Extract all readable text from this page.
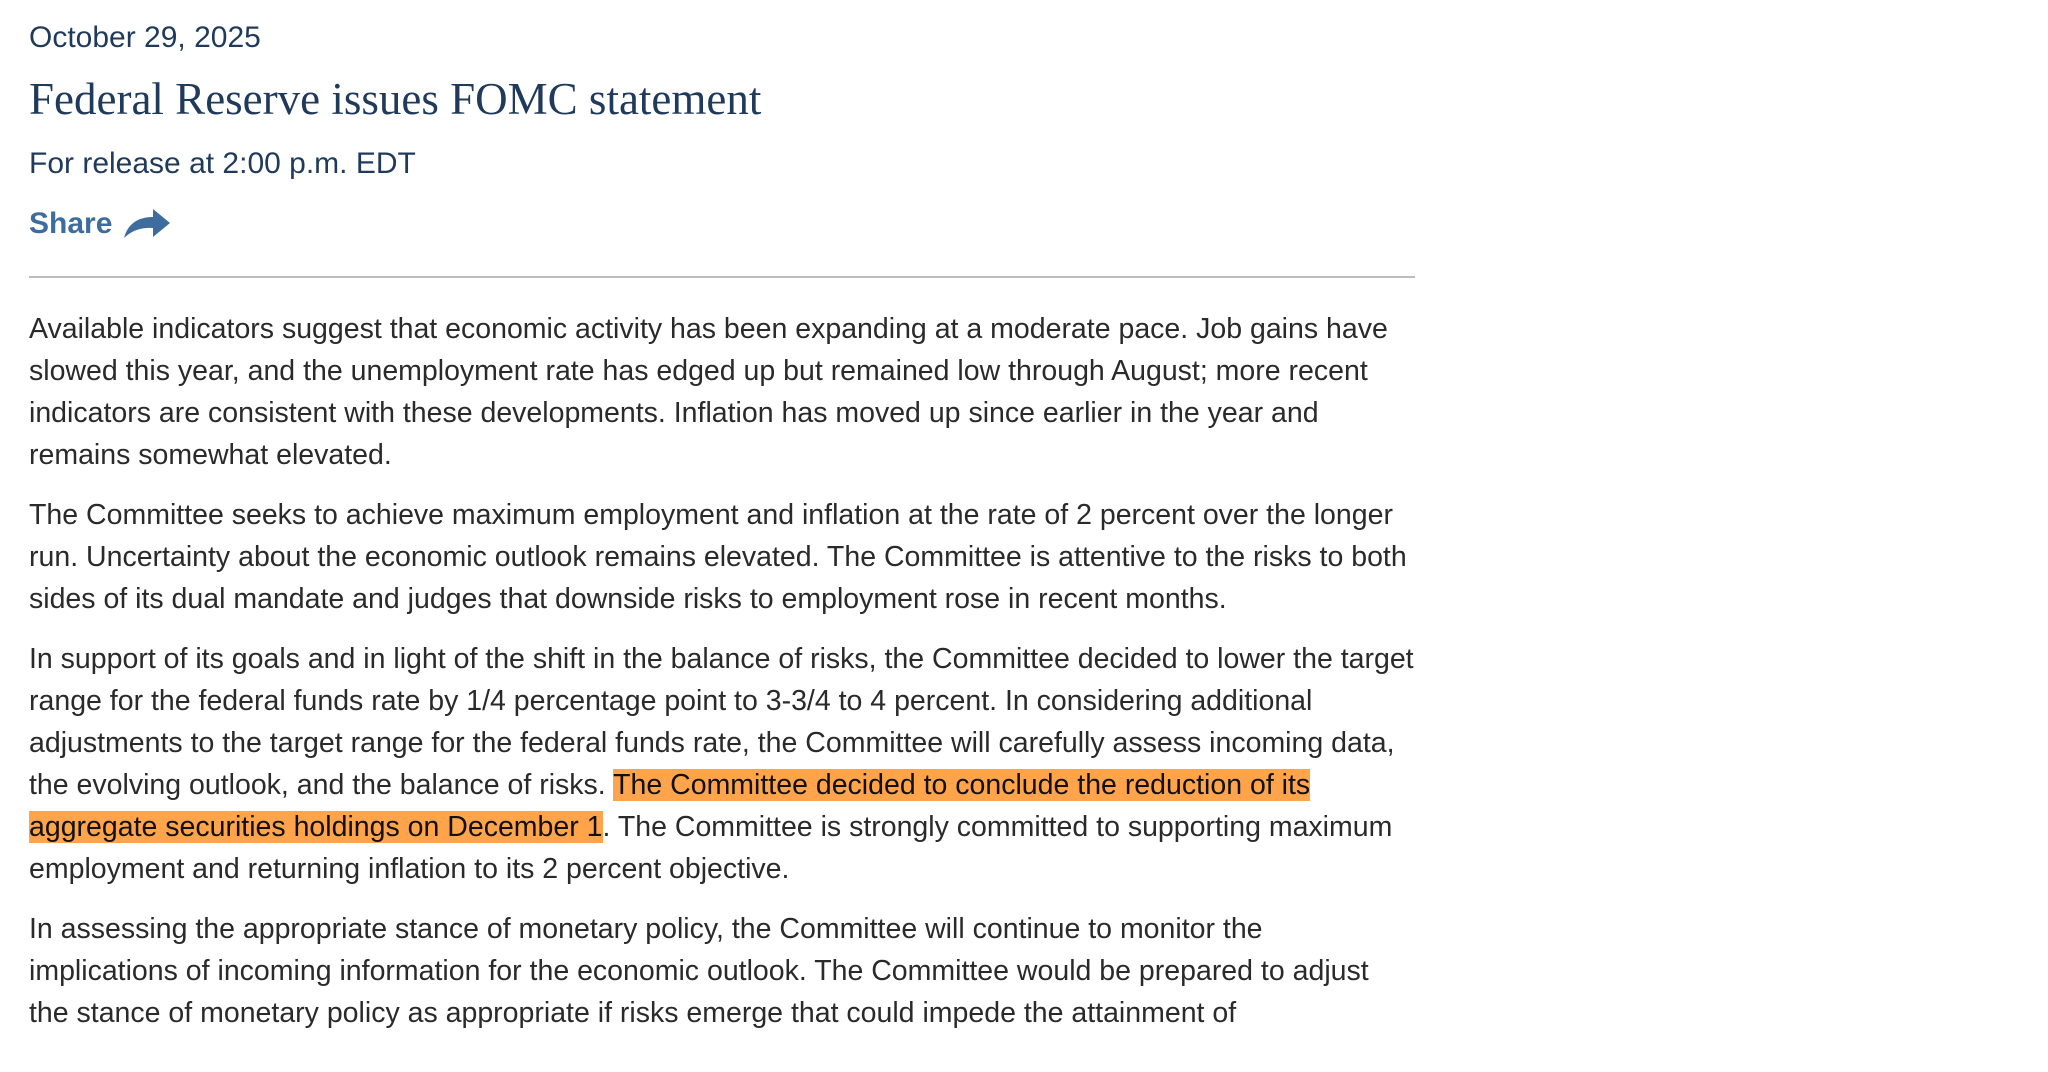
October 29, 2025
Federal Reserve issues FOMC statement
For release at 2:00 p.m. EDT
Share

Available indicators suggest that economic activity has been expanding at a moderate pace. Job gains have slowed this year, and the unemployment rate has edged up but remained low through August; more recent indicators are consistent with these developments. Inflation has moved up since earlier in the year and remains somewhat elevated.

The Committee seeks to achieve maximum employment and inflation at the rate of 2 percent over the longer run. Uncertainty about the economic outlook remains elevated. The Committee is attentive to the risks to both sides of its dual mandate and judges that downside risks to employment rose in recent months.

In support of its goals and in light of the shift in the balance of risks, the Committee decided to lower the target range for the federal funds rate by 1/4 percentage point to 3-3/4 to 4 percent. In considering additional adjustments to the target range for the federal funds rate, the Committee will carefully assess incoming data, the evolving outlook, and the balance of risks. The Committee decided to conclude the reduction of its aggregate securities holdings on December 1. The Committee is strongly committed to supporting maximum employment and returning inflation to its 2 percent objective.

In assessing the appropriate stance of monetary policy, the Committee will continue to monitor the implications of incoming information for the economic outlook. The Committee would be prepared to adjust the stance of monetary policy as appropriate if risks emerge that could impede the attainment of
